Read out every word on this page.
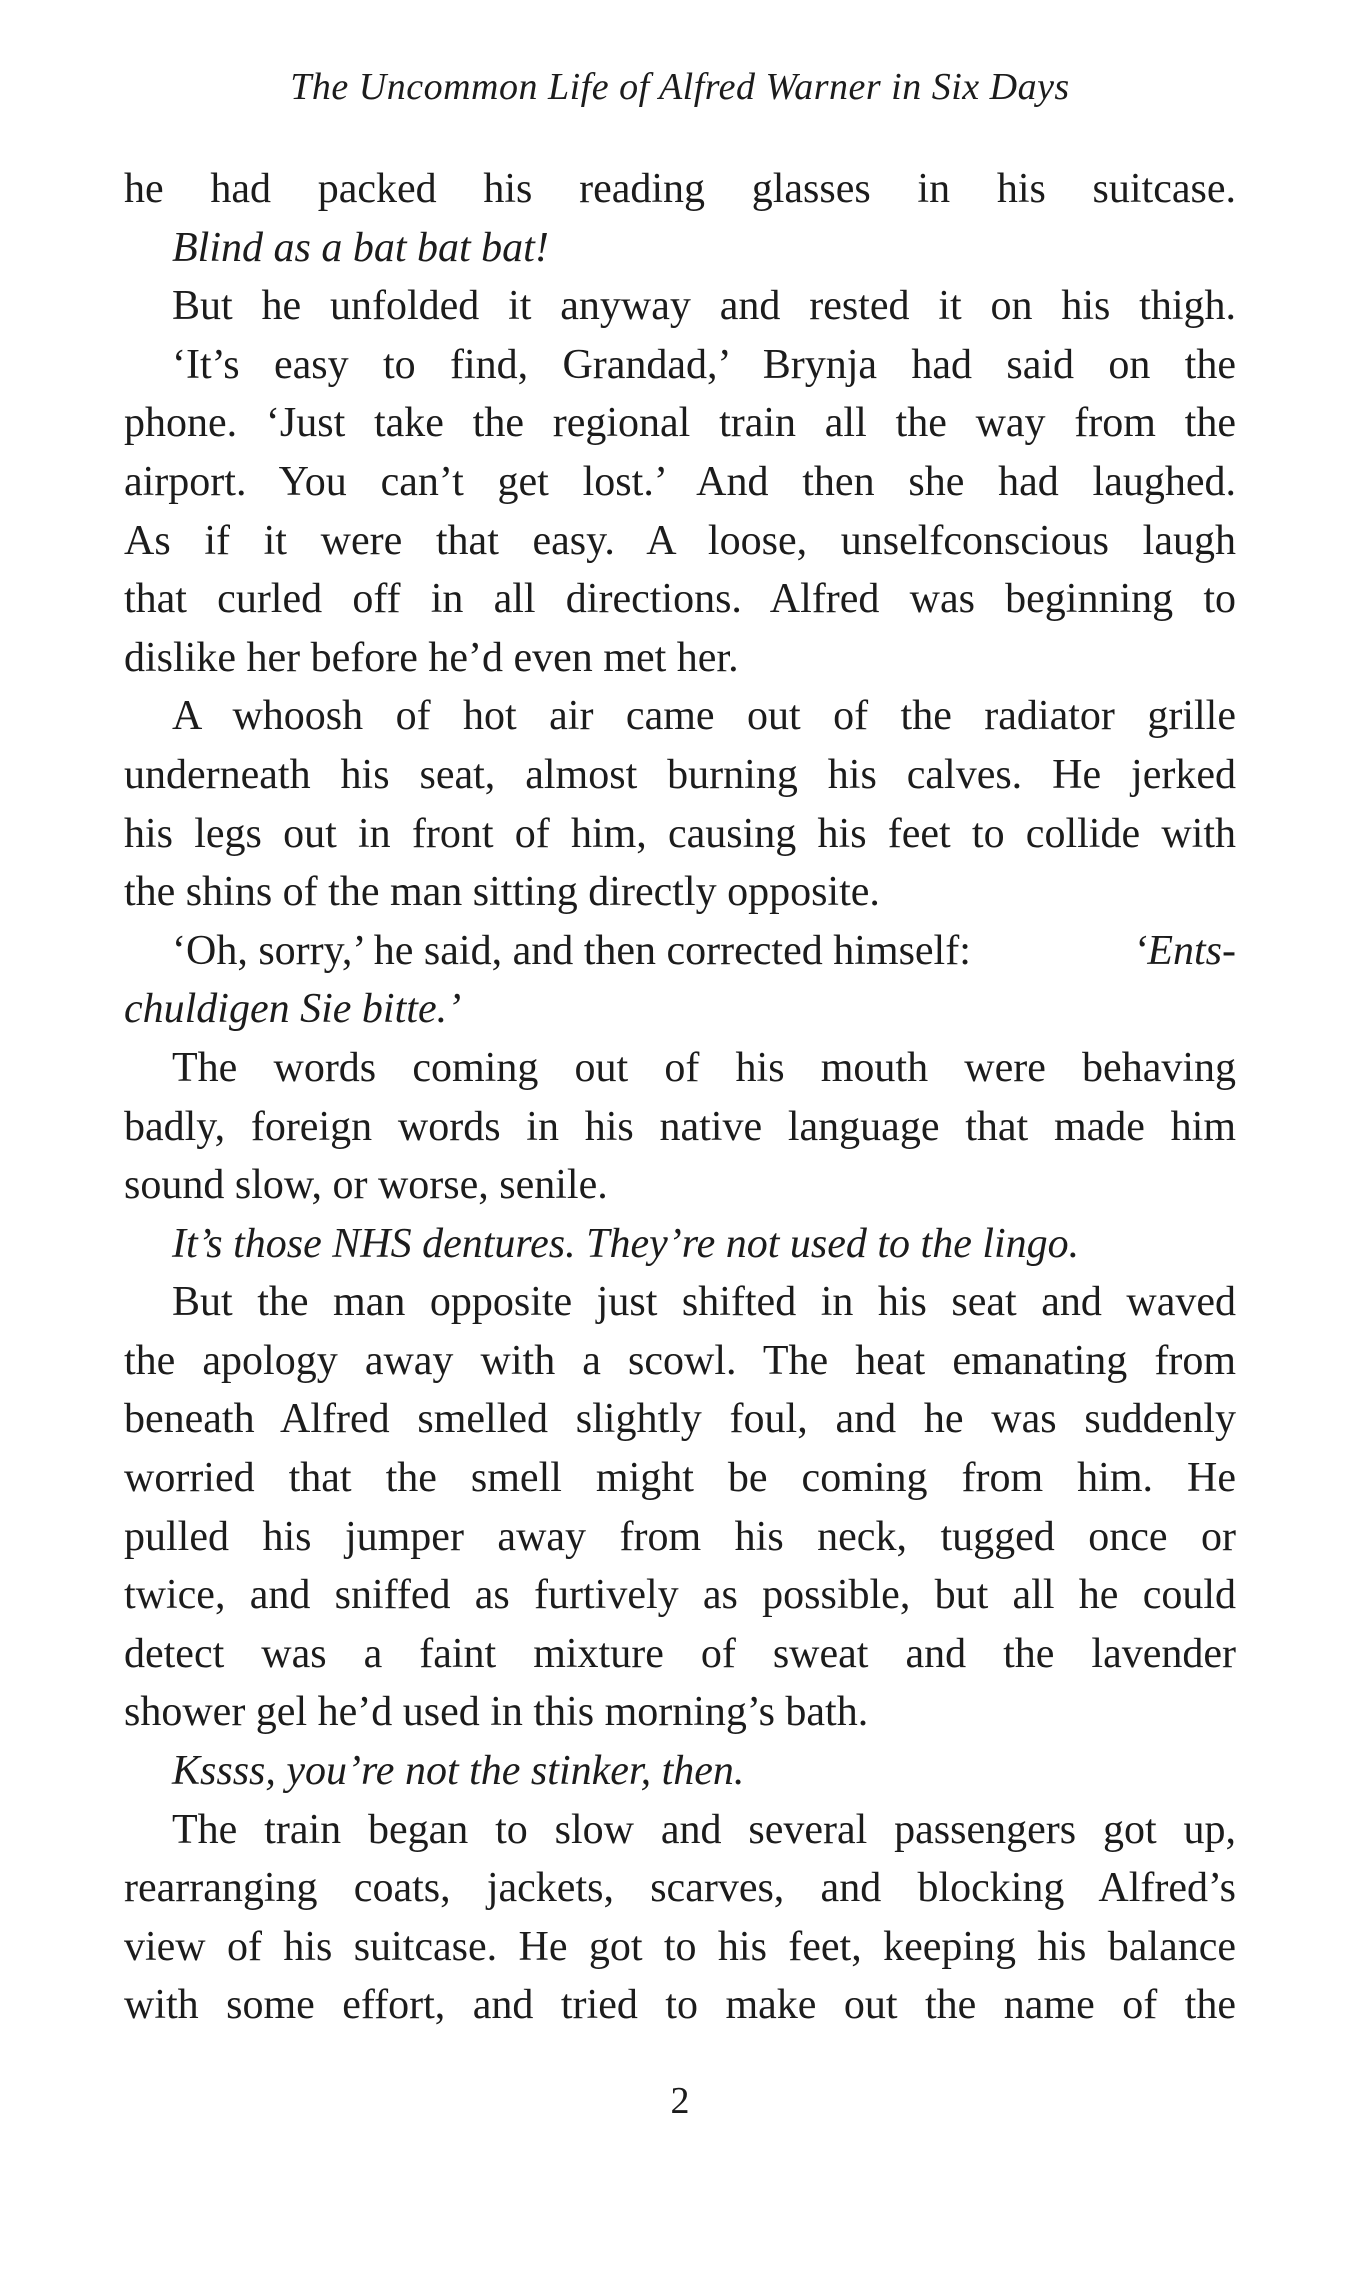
The Uncommon Life of Alfred Warner in Six Days
he had packed his reading glasses in his suitcase.
Blind as a bat bat bat!
But he unfolded it anyway and rested it on his thigh.
‘It’s easy to find, Grandad,’ Brynja had said on the
phone. ‘Just take the regional train all the way from the
airport. You can’t get lost.’ And then she had laughed.
As if it were that easy. A loose, unselfconscious laugh
that curled off in all directions. Alfred was beginning to
dislike her before he’d even met her.
A whoosh of hot air came out of the radiator grille
underneath his seat, almost burning his calves. He jerked
his legs out in front of him, causing his feet to collide with
the shins of the man sitting directly opposite.
‘Oh, sorry,’ he said, and then corrected himself:	‘Ents-
chuldigen Sie bitte.’
The words coming out of his mouth were behaving
badly, foreign words in his native language that made him
sound slow, or worse, senile.
It’s those NHS dentures. They’re not used to the lingo.
But the man opposite just shifted in his seat and waved
the apology away with a scowl. The heat emanating from
beneath Alfred smelled slightly foul, and he was suddenly
worried that the smell might be coming from him. He
pulled his jumper away from his neck, tugged once or
twice, and sniffed as furtively as possible, but all he could
detect was a faint mixture of sweat and the lavender
shower gel he’d used in this morning’s bath.
Kssss, you’re not the stinker, then.
The train began to slow and several passengers got up,
rearranging coats, jackets, scarves, and blocking Alfred’s
view of his suitcase. He got to his feet, keeping his balance
with some effort, and tried to make out the name of the
2
